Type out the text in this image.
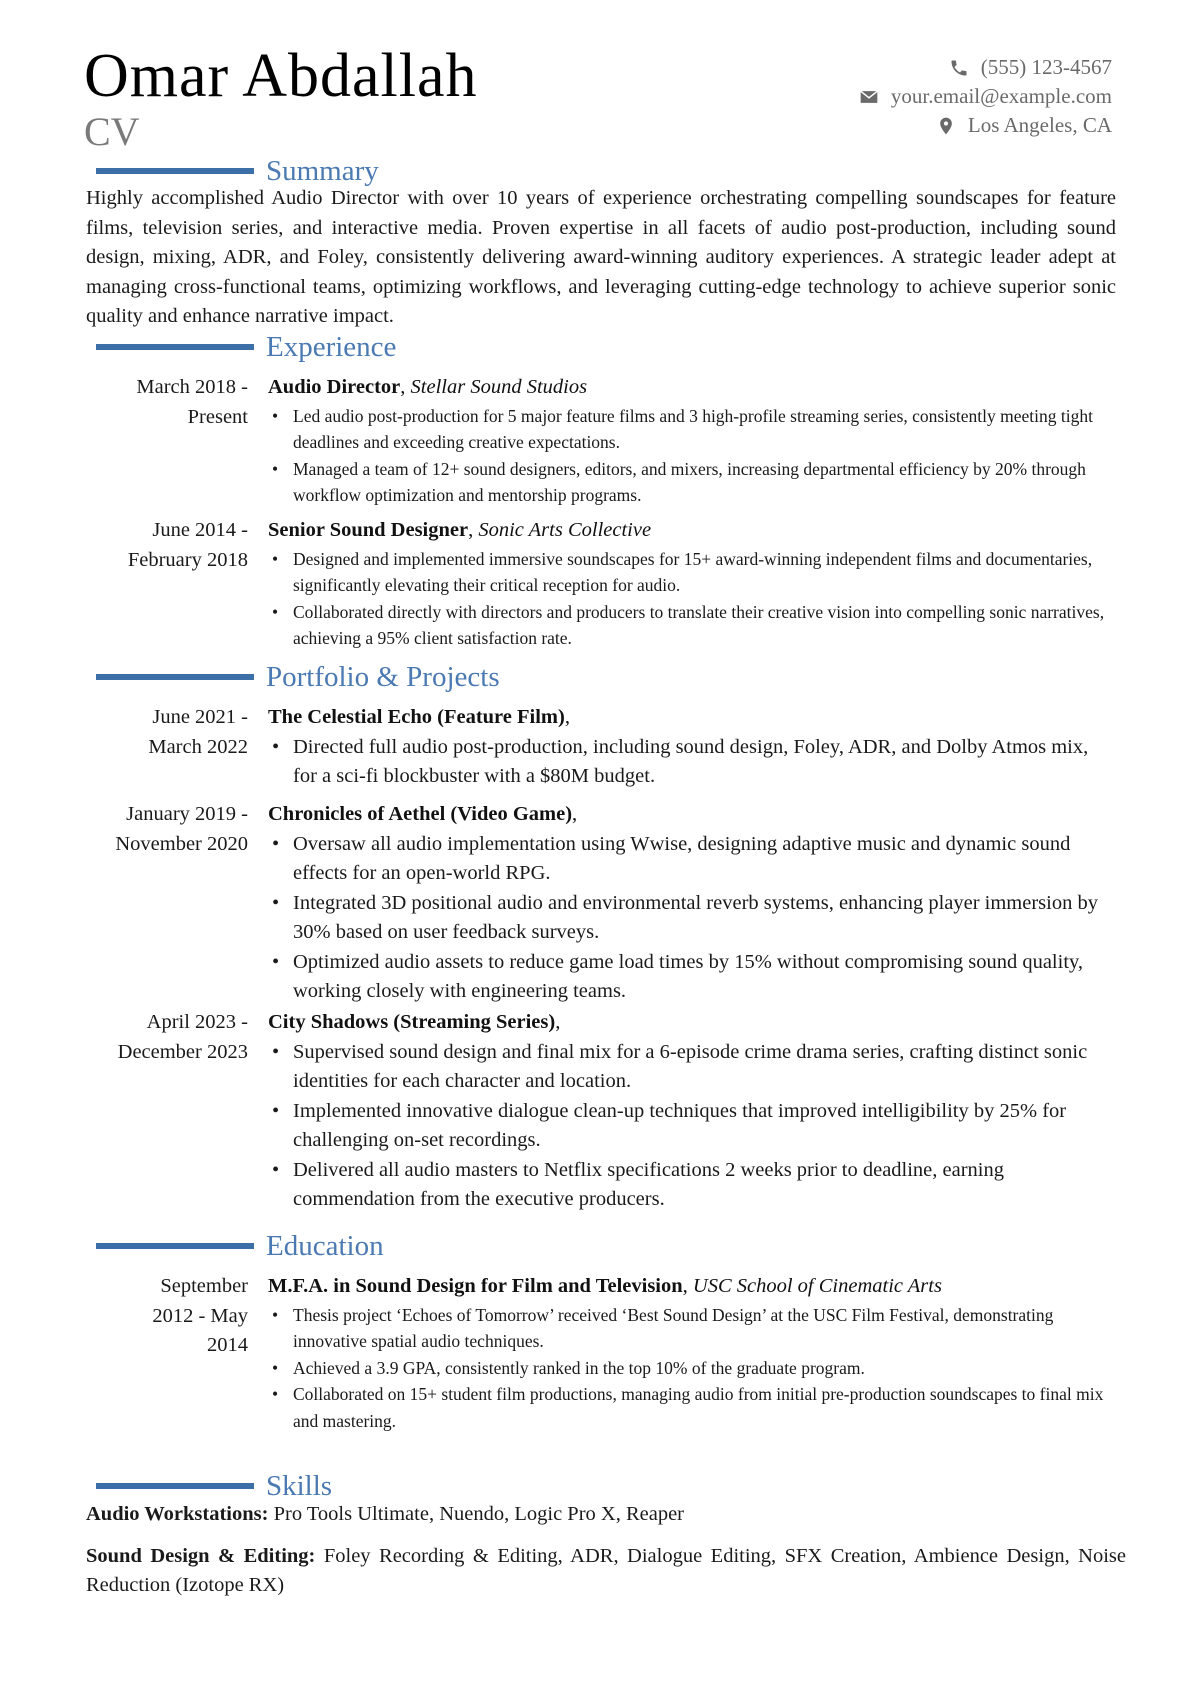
Omar Abdallah
CV
(555) 123-4567
your.email@example.com
Los Angeles, CA
Summary
Highly accomplished Audio Director with over 10 years of experience orchestrating compelling soundscapes for feature films, television series, and interactive media. Proven expertise in all facets of audio post-production, including sound design, mixing, ADR, and Foley, consistently delivering award-winning auditory experiences. A strategic leader adept at managing cross-functional teams, optimizing workflows, and leveraging cutting-edge technology to achieve superior sonic quality and enhance narrative impact.
Experience
March 2018 -
Present
Audio Director, Stellar Sound Studios
• Led audio post-production for 5 major feature films and 3 high-profile streaming series, consistently meeting tight deadlines and exceeding creative expectations.
• Managed a team of 12+ sound designers, editors, and mixers, increasing departmental efficiency by 20% through workflow optimization and mentorship programs.
June 2014 -
February 2018
Senior Sound Designer, Sonic Arts Collective
• Designed and implemented immersive soundscapes for 15+ award-winning independent films and documentaries, significantly elevating their critical reception for audio.
• Collaborated directly with directors and producers to translate their creative vision into compelling sonic narratives, achieving a 95% client satisfaction rate.
Portfolio & Projects
June 2021 -
March 2022
The Celestial Echo (Feature Film),
• Directed full audio post-production, including sound design, Foley, ADR, and Dolby Atmos mix, for a sci-fi blockbuster with a $80M budget.
January 2019 -
November 2020
Chronicles of Aethel (Video Game),
• Oversaw all audio implementation using Wwise, designing adaptive music and dynamic sound effects for an open-world RPG.
• Integrated 3D positional audio and environmental reverb systems, enhancing player immersion by 30% based on user feedback surveys.
• Optimized audio assets to reduce game load times by 15% without compromising sound quality, working closely with engineering teams.
April 2023 -
December 2023
City Shadows (Streaming Series),
• Supervised sound design and final mix for a 6-episode crime drama series, crafting distinct sonic identities for each character and location.
• Implemented innovative dialogue clean-up techniques that improved intelligibility by 25% for challenging on-set recordings.
• Delivered all audio masters to Netflix specifications 2 weeks prior to deadline, earning commendation from the executive producers.
Education
September
2012 - May
2014
M.F.A. in Sound Design for Film and Television, USC School of Cinematic Arts
• Thesis project ‘Echoes of Tomorrow’ received ‘Best Sound Design’ at the USC Film Festival, demonstrating innovative spatial audio techniques.
• Achieved a 3.9 GPA, consistently ranked in the top 10% of the graduate program.
• Collaborated on 15+ student film productions, managing audio from initial pre-production soundscapes to final mix and mastering.
Skills

Audio Workstations: Pro Tools Ultimate, Nuendo, Logic Pro X, Reaper

Sound Design & Editing: Foley Recording & Editing, ADR, Dialogue Editing, SFX Creation, Ambience Design, Noise Reduction (Izotope RX)
